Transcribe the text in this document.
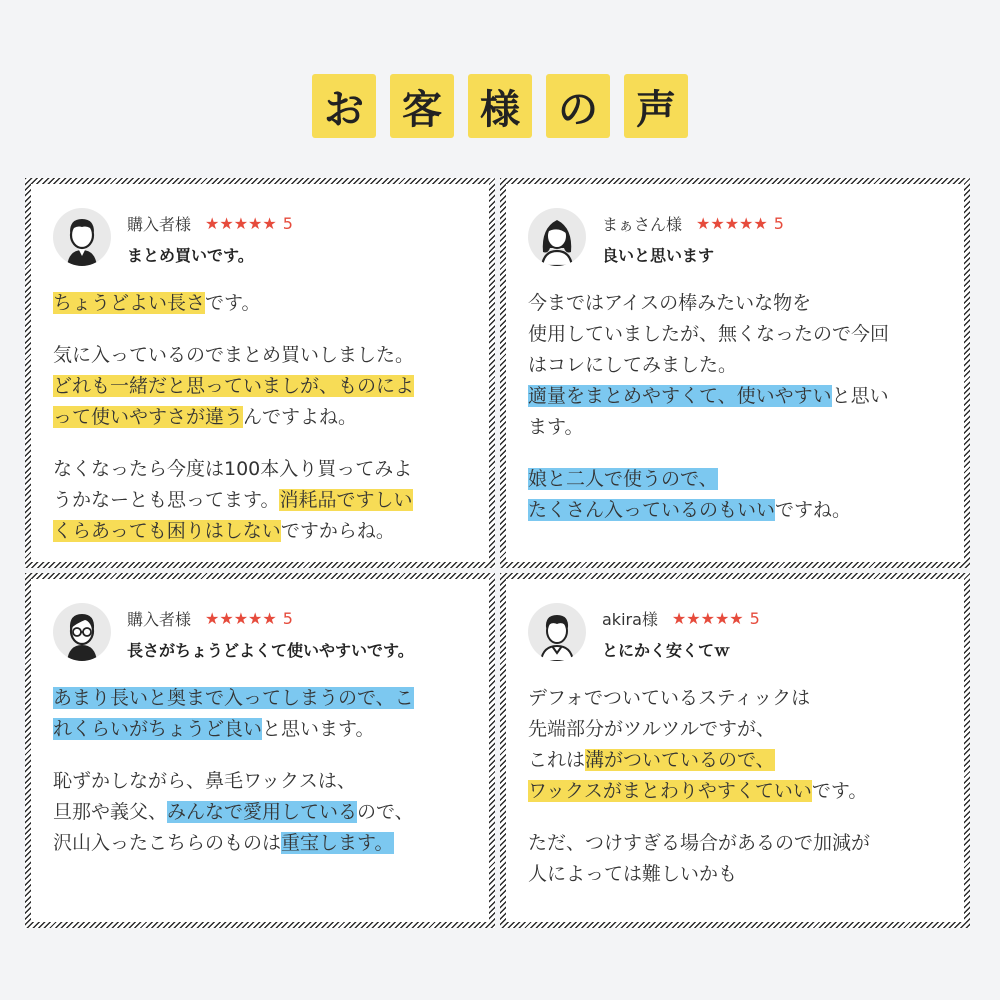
お 客 様 の 声
購入者様 ★★★★★ 5
まとめ買いです。
ちょうどよい長さです。
気に入っているのでまとめ買いしました。
どれも一緒だと思っていましが、ものによ
って使いやすさが違うんですよね。
なくなったら今度は100本入り買ってみよ
うかなーとも思ってます。消耗品ですしい
くらあっても困りはしないですからね。
まぁさん様 ★★★★★ 5
良いと思います
今まではアイスの棒みたいな物を
使用していましたが、無くなったので今回
はコレにしてみました。
適量をまとめやすくて、使いやすいと思い
ます。
娘と二人で使うので、
たくさん入っているのもいいですね。
購入者様 ★★★★★ 5
長さがちょうどよくて使いやすいです。
あまり長いと奥まで入ってしまうので、こ
れくらいがちょうど良いと思います。
恥ずかしながら、鼻毛ワックスは、
旦那や義父、みんなで愛用しているので、
沢山入ったこちらのものは重宝します。
akira様 ★★★★★ 5
とにかく安くてｗ
デフォでついているスティックは
先端部分がツルツルですが、
これは溝がついているので、
ワックスがまとわりやすくていいです。
ただ、つけすぎる場合があるので加減が
人によっては難しいかも
